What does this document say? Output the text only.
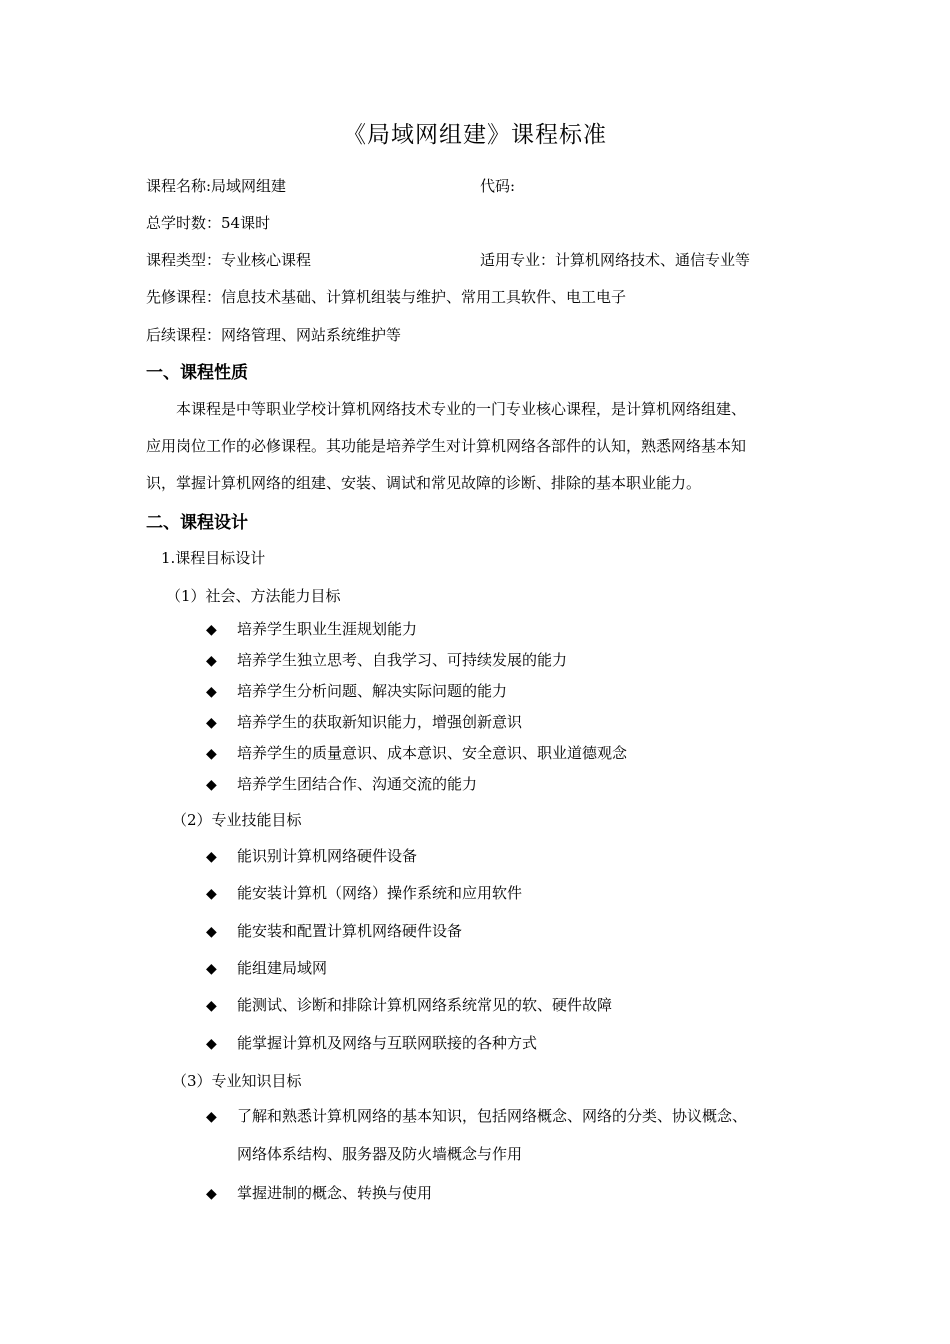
《局域网组建》课程标准
课程名称:局域网组建	代码:
总学时数：54课时
课程类型：专业核心课程	适用专业：计算机网络技术、通信专业等
先修课程：信息技术基础、计算机组装与维护、常用工具软件、电工电子
后续课程：网络管理、网站系统维护等
一、课程性质
本课程是中等职业学校计算机网络技术专业的一门专业核心课程，是计算机网络组建、
应用岗位工作的必修课程。其功能是培养学生对计算机网络各部件的认知，熟悉网络基本知
识，掌握计算机网络的组建、安装、调试和常见故障的诊断、排除的基本职业能力。
二、课程设计
1.课程目标设计
（1）社会、方法能力目标
◆ 培养学生职业生涯规划能力
◆ 培养学生独立思考、自我学习、可持续发展的能力
◆ 培养学生分析问题、解决实际问题的能力
◆ 培养学生的获取新知识能力，增强创新意识
◆ 培养学生的质量意识、成本意识、安全意识、职业道德观念
◆ 培养学生团结合作、沟通交流的能力
（2）专业技能目标
◆ 能识别计算机网络硬件设备
◆ 能安装计算机（网络）操作系统和应用软件
◆ 能安装和配置计算机网络硬件设备
◆ 能组建局域网
◆ 能测试、诊断和排除计算机网络系统常见的软、硬件故障
◆ 能掌握计算机及网络与互联网联接的各种方式
（3）专业知识目标
◆ 了解和熟悉计算机网络的基本知识，包括网络概念、网络的分类、协议概念、
网络体系结构、服务器及防火墙概念与作用
◆ 掌握进制的概念、转换与使用
